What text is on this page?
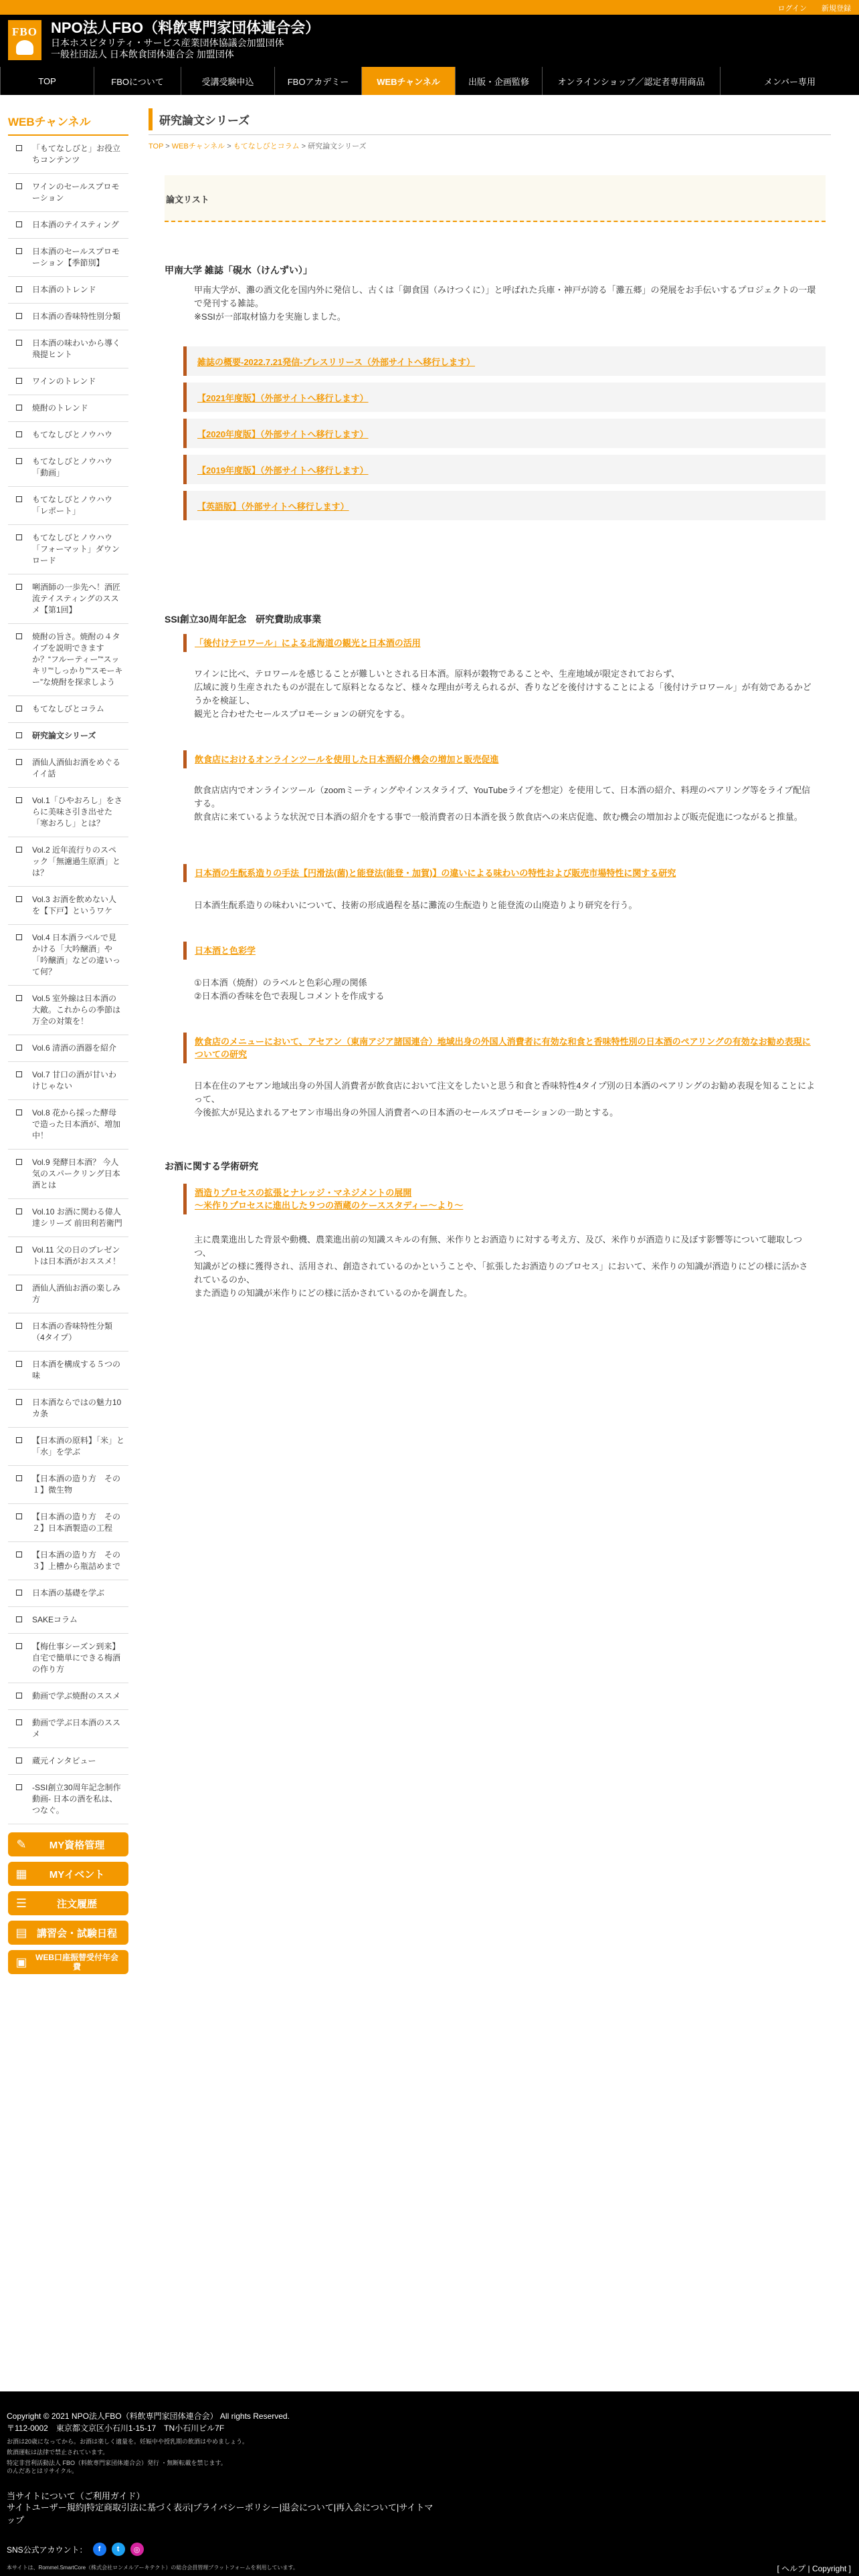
ログイン 新規登録
FBO NPO法人FBO（料飲専門家団体連合会）
日本ホスピタリティ・サービス産業団体協議会加盟団体
一般社団法人 日本飲食団体連合会 加盟団体
TOP	FBOについて	受講受験申込	FBOアカデミー	WEBチャンネル	出版・企画監修	オンラインショップ／認定者専用商品	メンバー専用
WEBチャンネル
「もてなしびと」お役立ちコンテンツ
ワインのセールスプロモーション
日本酒のテイスティング
日本酒のセールスプロモーション【季節別】
日本酒のトレンド
日本酒の香味特性別分類
日本酒の味わいから導く飛提ヒント
ワインのトレンド
焼酎のトレンド
もてなしびとノウハウ
もてなしびとノウハウ「動画」
もてなしびとノウハウ「レポート」
もてなしびとノウハウ「フォーマット」ダウンロード
唎酒師の一歩先へ！酒匠流テイスティングのススメ【第1回】
焼酎の旨さ。焼酎の４タイプを説明できますか？“フルーティー”“スッキリ”“しっかり”“スモーキー”な焼酎を探求しよう
もてなしびとコラム
研究論文シリーズ
酒仙人酒仙お酒をめぐるイイ話
Vol.1「ひやおろし」をさらに美味さ引き出せた「寒おろし」とは？
Vol.2 近年流行りのスペック「無濾過生原酒」とは？
Vol.3 お酒を飲めない人を【下戸】というワケ
Vol.4 日本酒ラベルで見かける「大吟醸酒」や「吟醸酒」などの違いって何？
Vol.5 室外線は日本酒の大敵。これからの季節は万全の対策を！
Vol.6 清酒の酒器を紹介
Vol.7 甘口の酒が甘いわけじゃない
Vol.8 花から採った酵母で造った日本酒が、増加中！
Vol.9 発酵日本酒？ 今人気のスパークリング日本酒とは
Vol.10 お酒に関わる偉人達シリーズ 前田利若衛門
Vol.11 父の日のプレゼントは日本酒がおススメ！
酒仙人酒仙お酒の楽しみ方
日本酒の香味特性分類（4タイプ）
日本酒を構成する５つの味
日本酒ならではの魅力10カ条
【日本酒の原料】「米」と「水」を学ぶ
【日本酒の造り方　その１】微生物
【日本酒の造り方　その２】日本酒製造の工程
【日本酒の造り方　その３】上槽から瓶詰めまで
日本酒の基礎を学ぶ
SAKEコラム
【梅仕事シーズン到来】自宅で簡単にできる梅酒の作り方
動画で学ぶ焼酎のススメ
動画で学ぶ日本酒のススメ
蔵元インタビュー
-SSI創立30周年記念制作動画- 日本の酒を私は、つなぐ。
✎	MY資格管理
▦	MYイベント
☰	注文履歴
▤ 講習会・試験日程
▣	WEB口座振替受付年会費
研究論文シリーズ
TOP > WEBチャンネル > もてなしびとコラム > 研究論文シリーズ
論文リスト
甲南大学 雑誌「硯水（けんずい）」
甲南大学が、灘の酒文化を国内外に発信し、古くは「御食国（みけつくに）」と呼ばれた兵庫・神戸が誇る「灘五郷」の発展をお手伝いするプロジェクトの一環で発刊する雑誌。
※SSIが一部取材協力を実施しました。
雑誌の概要-2022.7.21発信-プレスリリース（外部サイトへ移行します）
【2021年度版】（外部サイトへ移行します）
【2020年度版】（外部サイトへ移行します）
【2019年度版】（外部サイトへ移行します）
【英語版】（外部サイトへ移行します）
SSI創立30周年記念　研究費助成事業
「後付けテロワール」による北海道の観光と日本酒の活用
ワインに比べ、テロワールを感じることが難しいとされる日本酒。原料が穀物であることや、生産地域が限定されておらず、
広域に渡り生産されたものが混在して原料となるなど、様々な理由が考えられるが、香りなどを後付けすることによる「後付けテロワール」が有効であるかどうかを検証し、
観光と合わせたセールスプロモーションの研究をする。
飲食店におけるオンラインツールを使用した日本酒紹介機会の増加と販売促進
飲食店店内でオンラインツール（zoomミーティングやインスタライブ、YouTubeライブを想定）を使用して、日本酒の紹介、料理のペアリング等をライブ配信する。
飲食店に来ているような状況で日本酒の紹介をする事で一般消費者の日本酒を扱う飲食店への来店促進、飲む機会の増加および販売促進につながると推量。
日本酒の生酛系造りの手法【円滑法(菌)と能登法(能登・加賀)】の違いによる味わいの特性および販売市場特性に関する研究
日本酒生酛系造りの味わいについて、技術の形成過程を基に灘流の生酛造りと能登流の山廃造りより研究を行う。
日本酒と色彩学
①日本酒（焼酎）のラベルと色彩心理の関係
②日本酒の香味を色で表現しコメントを作成する
飲食店のメニューにおいて、アセアン（東南アジア諸国連合）地域出身の外国人消費者に有効な和食と香味特性別の日本酒のペアリングの有効なお勧め表現についての研究
日本在住のアセアン地域出身の外国人消費者が飲食店において注文をしたいと思う和食と香味特性4タイプ別の日本酒のペアリングのお勧め表現を知ることによって、
今後拡大が見込まれるアセアン市場出身の外国人消費者への日本酒のセールスプロモーションの一助とする。
お酒に関する学術研究
酒造りプロセスの拡張とナレッジ・マネジメントの展開
～米作りプロセスに進出した９つの酒蔵のケーススタディー～より～
主に農業進出した背景や動機、農業進出前の知識スキルの有無、米作りとお酒造りに対する考え方、及び、米作りが酒造りに及ぼす影響等について聴取しつつ、
知識がどの様に獲得され、活用され、創造されているのかということや、「拡張したお酒造りのプロセス」において、米作りの知識が酒造りにどの様に活かされているのか、
また酒造りの知識が米作りにどの様に活かされているのかを調査した。
Copyright © 2021 NPO法人FBO（料飲専門家団体連合会） All rights Reserved.
〒112-0002　東京都文京区小石川1-15-17　TN小石川ビル7F
お酒は20歳になってから。お酒は楽しく適量を。妊娠中や授乳期の飲酒はやめましょう。
飲酒運転は法律で禁止されています。
特定非営利活動法人 FBO（料飲専門家団体連合会）発行 ・無断転載を禁じます。
のんだあとはリサイクル。
当サイトについて（ご利用ガイド）
サイトユーザー規約|特定商取引法に基づく表示|プライバシーポリシー|退会について|再入会について|サイトマップ
SNS公式アカウント：	f	t	◎
本サイトは、Rommel.SmartCore（株式会社ロンメルアーキテクト）の総合会員管理プラットフォームを利用しています。	[ ヘルプ | Copyright ]
